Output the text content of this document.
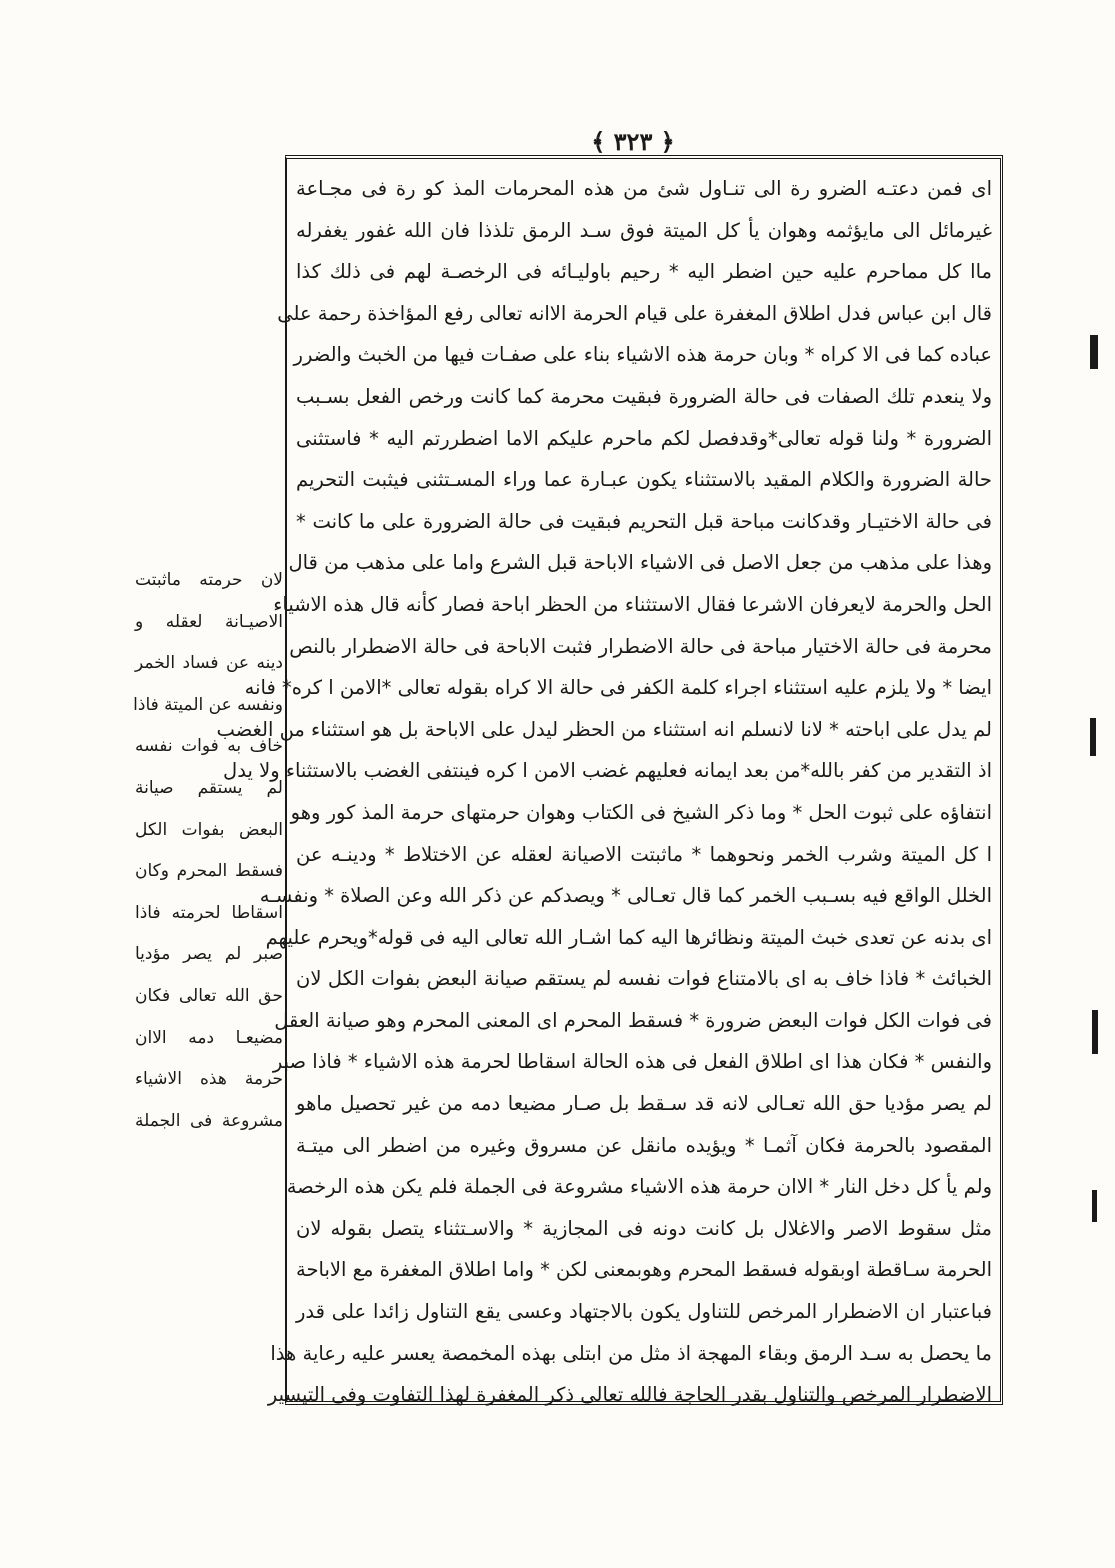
﴿ ٣٢٣ ﴾
اى فمن دعتـه الضرو رة الى تنـاول شئ من هذه المحرمات المذ كو رة فى مجـاعة
غيرمائل الى مايؤثمه وهوان يأ كل الميتة فوق سـد الرمق تلذذا فان الله غفور يغفرله
ماا كل مماحرم عليه حين اضطر اليه * رحيم باوليـائه فى الرخصـة لهم فى ذلك كذا
قال ابن عباس فدل اطلاق المغفرة على قيام الحرمة الاانه تعالى رفع المؤاخذة رحمة على
عباده كما فى الا كراه * وبان حرمة هذه الاشياء بناء على صفـات فيها من الخبث والضرر
ولا ينعدم تلك الصفات فى حالة الضرورة فبقيت محرمة كما كانت ورخص الفعل بسـبب
الضرورة * ولنا قوله تعالى*وقدفصل لكم ماحرم عليكم الاما اضطررتم اليه * فاستثنى
حالة الضرورة والكلام المقيد بالاستثناء يكون عبـارة عما وراء المسـتثنى فيثبت التحريم
فى حالة الاختيـار وقدكانت مباحة قبل التحريم فبقيت فى حالة الضرورة على ما كانت *
وهذا على مذهب من جعل الاصل فى الاشياء الاباحة قبل الشرع واما على مذهب من قال
الحل والحرمة لايعرفان الاشرعا فقال الاستثناء من الحظر اباحة فصار كأنه قال هذه الاشياء
محرمة فى حالة الاختيار مباحة فى حالة الاضطرار فثبت الاباحة فى حالة الاضطرار بالنص
ايضا * ولا يلزم عليه استثناء اجراء كلمة الكفر فى حالة الا كراه بقوله تعالى *الامن ا كره* فانه
لم يدل على اباحته * لانا لانسلم انه استثناء من الحظر ليدل على الاباحة بل هو استثناء من الغضب
اذ التقدير من كفر بالله*من بعد ايمانه فعليهم غضب الامن ا كره فينتفى الغضب بالاستثناء ولا يدل
انتفاؤه على ثبوت الحل * وما ذكر الشيخ فى الكتاب وهوان حرمتهاى حرمة المذ كور وهو
ا كل الميتة وشرب الخمر ونحوهما * ماثبتت الاصيانة لعقله عن الاختلاط * ودينـه عن
الخلل الواقع فيه بسـبب الخمر كما قال تعـالى * ويصدكم عن ذكر الله وعن الصلاة * ونفسـه
اى بدنه عن تعدى خبث الميتة ونظائرها اليه كما اشـار الله تعالى اليه فى قوله*ويحرم عليهم
الخبائث * فاذا خاف به اى بالامتناع فوات نفسه لم يستقم صيانة البعض بفوات الكل لان
فى فوات الكل فوات البعض ضرورة * فسقط المحرم اى المعنى المحرم وهو صيانة العقل
والنفس * فكان هذا اى اطلاق الفعل فى هذه الحالة اسقاطا لحرمة هذه الاشياء * فاذا صبر
لم يصر مؤديا حق الله تعـالى لانه قد سـقط بل صـار مضيعا دمه من غير تحصيل ماهو
المقصود بالحرمة فكان آثمـا * ويؤيده مانقل عن مسروق وغيره من اضطر الى ميتـة
ولم يأ كل دخل النار * الاان حرمة هذه الاشياء مشروعة فى الجملة فلم يكن هذه الرخصة
مثل سقوط الاصر والاغلال بل كانت دونه فى المجازية * والاسـتثناء يتصل بقوله لان
الحرمة سـاقطة اوبقوله فسقط المحرم وهوبمعنى لكن * واما اطلاق المغفرة مع الاباحة
فباعتبار ان الاضطرار المرخص للتناول يكون بالاجتهاد وعسى يقع التناول زائدا على قدر
ما يحصل به سـد الرمق وبقاء المهجة اذ مثل من ابتلى بهذه المخمصة يعسر عليه رعاية هذا
الاضطرار المرخص والتناول بقدر الحاجة فالله تعالى ذكر المغفرة لهذا التفاوت وفى التيسير
لان حرمته ماثبتت
الاصيـانة لعقله و
دينه عن فساد الخمر
ونفسه عن الميتة فاذا
خاف به فوات نفسه
لم يستقم صيانة
البعض بفوات الكل
فسقط المحرم وكان
اسقاطا لحرمته فاذا
صبر لم يصر مؤديا
حق الله تعالى فكان
مضيعـا دمه الاان
حرمة هذه الاشياء
مشروعة فى الجملة
